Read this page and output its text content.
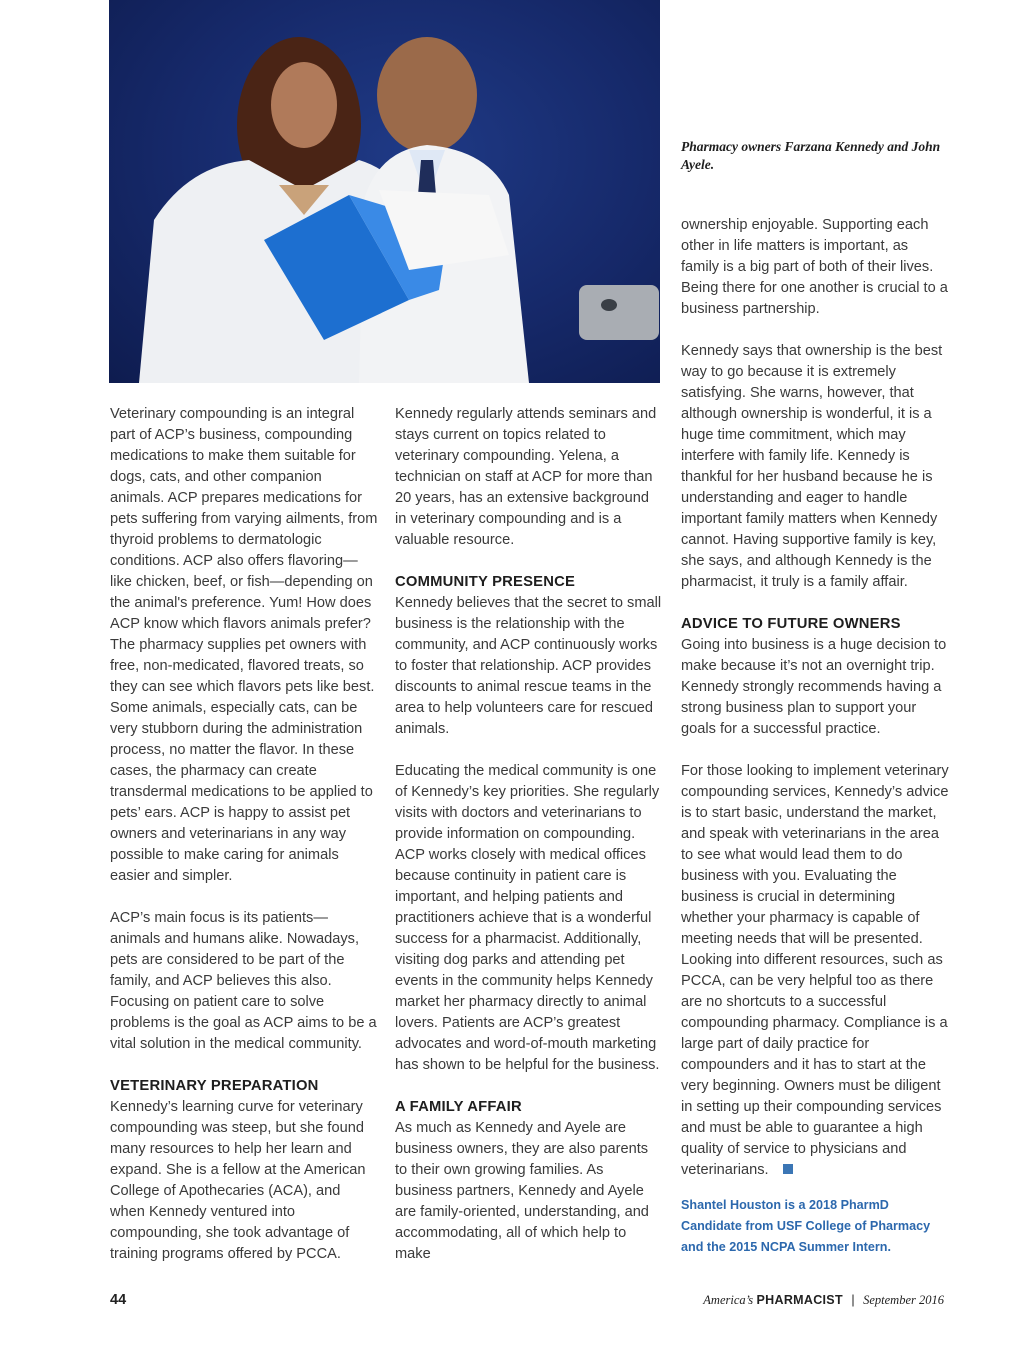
Pharmacy owners Farzana Kennedy and John Ayele.

Veterinary compounding is an integral part of ACP’s business, compounding medications to make them suitable for dogs, cats, and other companion animals. ACP prepares medications for pets suffering from varying ailments, from thyroid problems to dermatologic conditions. ACP also offers flavoring—like chicken, beef, or fish—depending on the animal's preference. Yum! How does ACP know which flavors animals prefer? The pharmacy supplies pet owners with free, non-medicated, flavored treats, so they can see which flavors pets like best. Some animals, especially cats, can be very stubborn during the administration process, no matter the flavor. In these cases, the pharmacy can create transdermal medications to be applied to pets’ ears. ACP is happy to assist pet owners and veterinarians in any way possible to make caring for animals easier and simpler.

ACP’s main focus is its patients—animals and humans alike. Nowadays, pets are considered to be part of the family, and ACP believes this also. Focusing on patient care to solve problems is the goal as ACP aims to be a vital solution in the medical community.

VETERINARY PREPARATION

Kennedy’s learning curve for veterinary compounding was steep, but she found many resources to help her learn and expand. She is a fellow at the American College of Apothecaries (ACA), and when Kennedy ventured into compounding, she took advantage of training programs offered by PCCA.

Kennedy regularly attends seminars and stays current on topics related to veterinary compounding. Yelena, a technician on staff at ACP for more than 20 years, has an extensive background in veterinary compounding and is a valuable resource.

COMMUNITY PRESENCE

Kennedy believes that the secret to small business is the relationship with the community, and ACP continuously works to foster that relationship. ACP provides discounts to animal rescue teams in the area to help volunteers care for rescued animals.

Educating the medical community is one of Kennedy’s key priorities. She regularly visits with doctors and veterinarians to provide information on compounding. ACP works closely with medical offices because continuity in patient care is important, and helping patients and practitioners achieve that is a wonderful success for a pharmacist. Additionally, visiting dog parks and attending pet events in the community helps Kennedy market her pharmacy directly to animal lovers. Patients are ACP’s greatest advocates and word-of-mouth marketing has shown to be helpful for the business.

A FAMILY AFFAIR

As much as Kennedy and Ayele are business owners, they are also parents to their own growing families. As business partners, Kennedy and Ayele are family-oriented, understanding, and accommodating, all of which help to make

ownership enjoyable. Supporting each other in life matters is important, as family is a big part of both of their lives. Being there for one another is crucial to a business partnership.

Kennedy says that ownership is the best way to go because it is extremely satisfying. She warns, however, that although ownership is wonderful, it is a huge time commitment, which may interfere with family life. Kennedy is thankful for her husband because he is understanding and eager to handle important family matters when Kennedy cannot. Having supportive family is key, she says, and although Kennedy is the pharmacist, it truly is a family affair.

ADVICE TO FUTURE OWNERS

Going into business is a huge decision to make because it’s not an overnight trip. Kennedy strongly recommends having a strong business plan to support your goals for a successful practice.

For those looking to implement veterinary compounding services, Kennedy’s advice is to start basic, understand the market, and speak with veterinarians in the area to see what would lead them to do business with you. Evaluating the business is crucial in determining whether your pharmacy is capable of meeting needs that will be presented. Looking into different resources, such as PCCA, can be very helpful too as there are no shortcuts to a successful compounding pharmacy. Compliance is a large part of daily practice for compounders and it has to start at the very beginning. Owners must be diligent in setting up their compounding services and must be able to guarantee a high quality of service to physicians and veterinarians.

Shantel Houston is a 2018 PharmD Candidate from USF College of Pharmacy and the 2015 NCPA Summer Intern.
44	America’s PHARMACIST | September 2016
